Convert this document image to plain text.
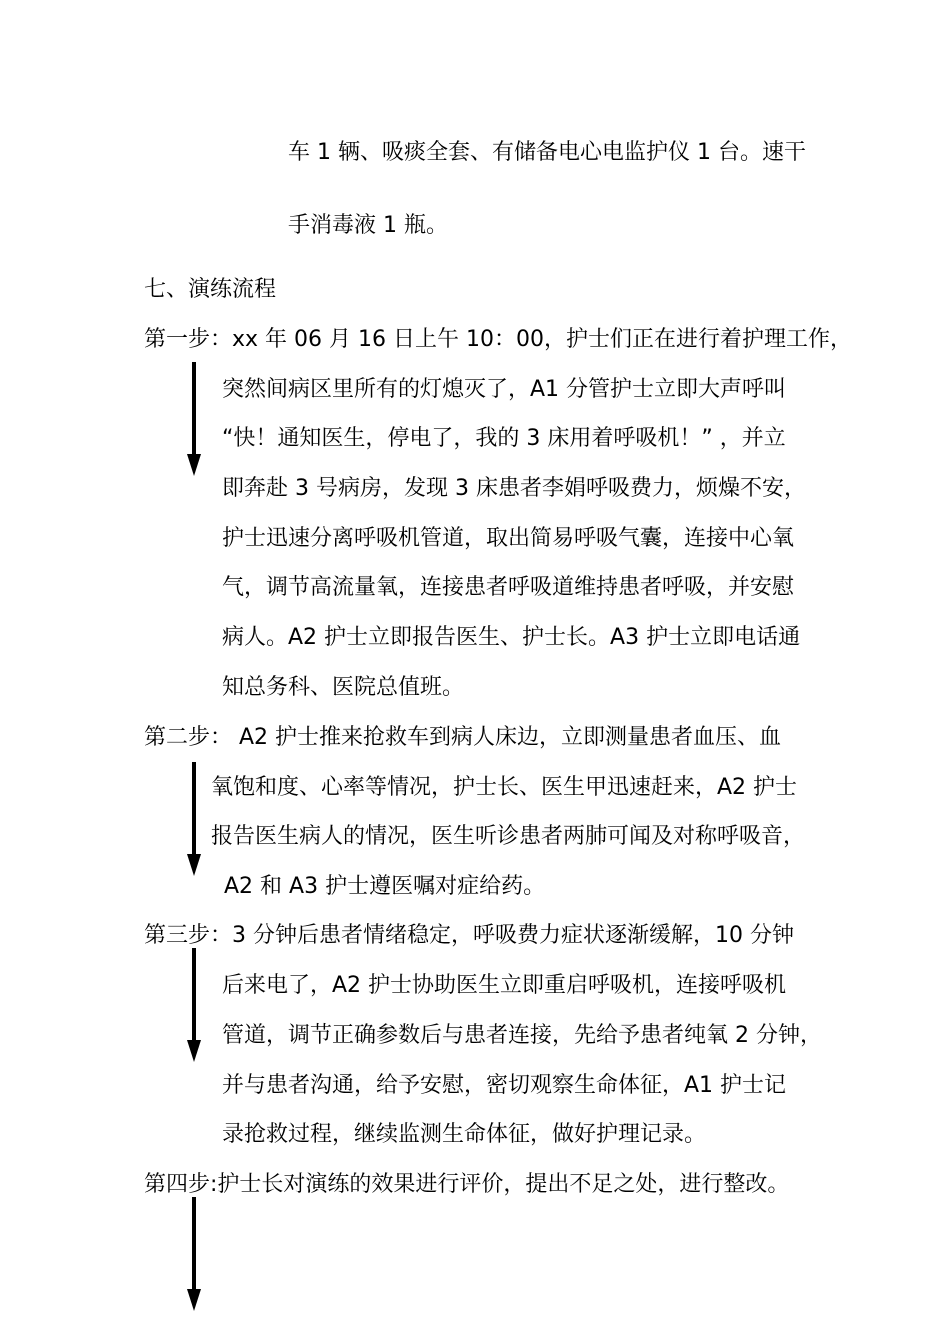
车 1 辆、吸痰全套、有储备电心电监护仪 1 台。速干
手消毒液 1 瓶。
七、演练流程
第一步：xx 年 06 月 16 日上午 10：00，护士们正在进行着护理工作，
突然间病区里所有的灯熄灭了，A1 分管护士立即大声呼叫
“快！通知医生，停电了，我的 3 床用着呼吸机！” ，并立
即奔赴 3 号病房，发现 3 床患者李娟呼吸费力，烦燥不安，
护士迅速分离呼吸机管道，取出简易呼吸气囊，连接中心氧
气，调节高流量氧，连接患者呼吸道维持患者呼吸，并安慰
病人。A2 护士立即报告医生、护士长。A3 护士立即电话通
知总务科、医院总值班。
第二步： A2 护士推来抢救车到病人床边，立即测量患者血压、血
氧饱和度、心率等情况，护士长、医生甲迅速赶来，A2 护士
报告医生病人的情况，医生听诊患者两肺可闻及对称呼吸音，
A2 和 A3 护士遵医嘱对症给药。
第三步：3 分钟后患者情绪稳定，呼吸费力症状逐渐缓解，10 分钟
后来电了，A2 护士协助医生立即重启呼吸机，连接呼吸机
管道，调节正确参数后与患者连接，先给予患者纯氧 2 分钟，
并与患者沟通，给予安慰，密切观察生命体征，A1 护士记
录抢救过程，继续监测生命体征，做好护理记录。
第四步:护士长对演练的效果进行评价，提出不足之处，进行整改。
